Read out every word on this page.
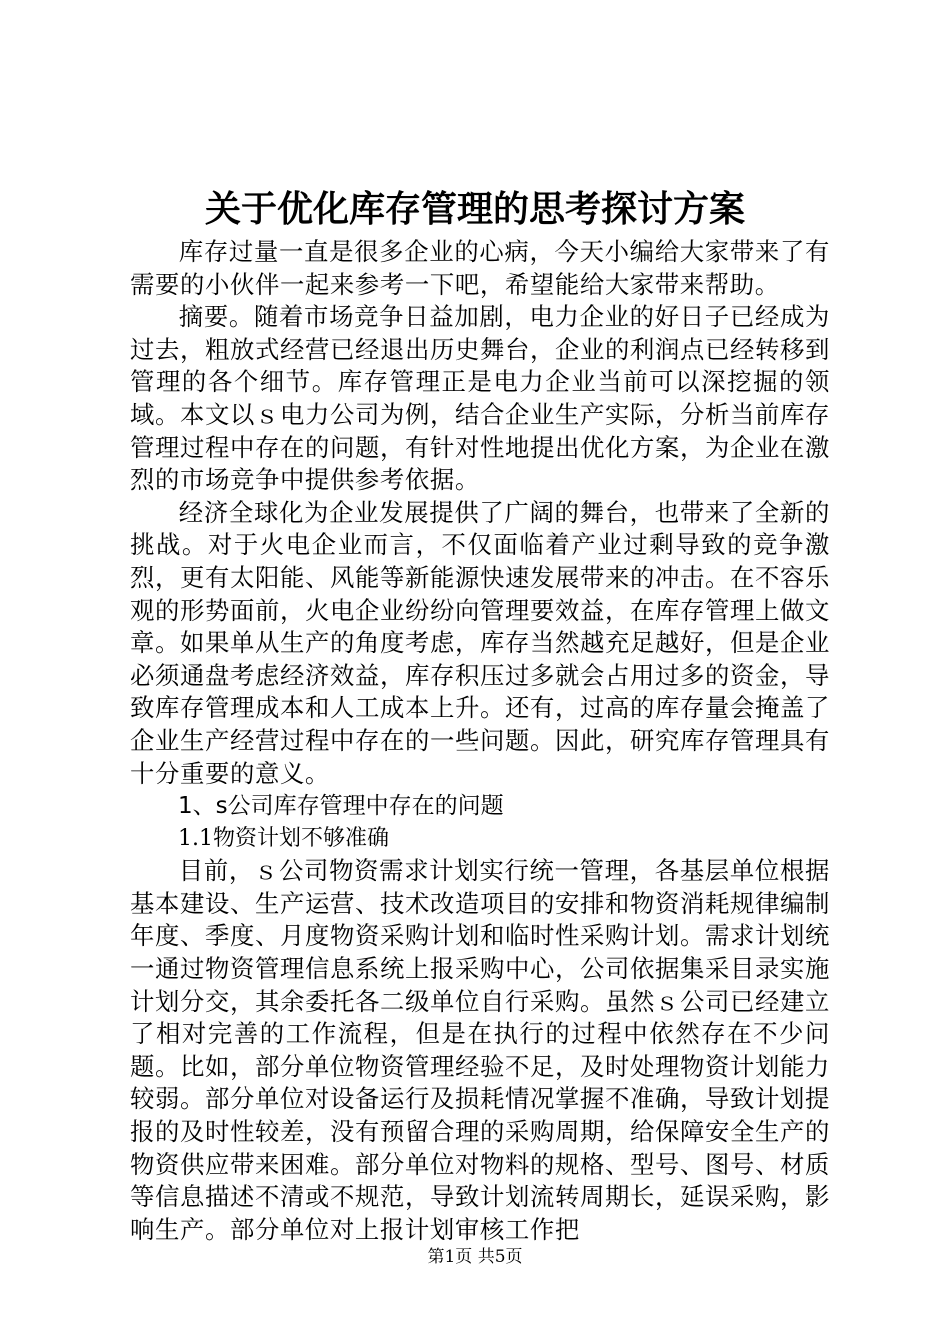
关于优化库存管理的思考探讨方案

库存过量一直是很多企业的心病，今天小编给大家带来了有需要的小伙伴一起来参考一下吧，希望能给大家带来帮助。

摘要。随着市场竞争日益加剧，电力企业的好日子已经成为过去，粗放式经营已经退出历史舞台，企业的利润点已经转移到管理的各个细节。库存管理正是电力企业当前可以深挖掘的领域。本文以ｓ电力公司为例，结合企业生产实际，分析当前库存管理过程中存在的问题，有针对性地提出优化方案，为企业在激烈的市场竞争中提供参考依据。

经济全球化为企业发展提供了广阔的舞台，也带来了全新的挑战。对于火电企业而言，不仅面临着产业过剩导致的竞争激烈，更有太阳能、风能等新能源快速发展带来的冲击。在不容乐观的形势面前，火电企业纷纷向管理要效益，在库存管理上做文章。如果单从生产的角度考虑，库存当然越充足越好，但是企业必须通盘考虑经济效益，库存积压过多就会占用过多的资金，导致库存管理成本和人工成本上升。还有，过高的库存量会掩盖了企业生产经营过程中存在的一些问题。因此，研究库存管理具有十分重要的意义。

1、s公司库存管理中存在的问题

1.1物资计划不够准确

目前，ｓ公司物资需求计划实行统一管理，各基层单位根据基本建设、生产运营、技术改造项目的安排和物资消耗规律编制年度、季度、月度物资采购计划和临时性采购计划。需求计划统一通过物资管理信息系统上报采购中心，公司依据集采目录实施计划分交，其余委托各二级单位自行采购。虽然ｓ公司已经建立了相对完善的工作流程，但是在执行的过程中依然存在不少问题。比如，部分单位物资管理经验不足，及时处理物资计划能力较弱。部分单位对设备运行及损耗情况掌握不准确，导致计划提报的及时性较差，没有预留合理的采购周期，给保障安全生产的物资供应带来困难。部分单位对物料的规格、型号、图号、材质等信息描述不清或不规范，导致计划流转周期长，延误采购，影响生产。部分单位对上报计划审核工作把

第1页 共5页
